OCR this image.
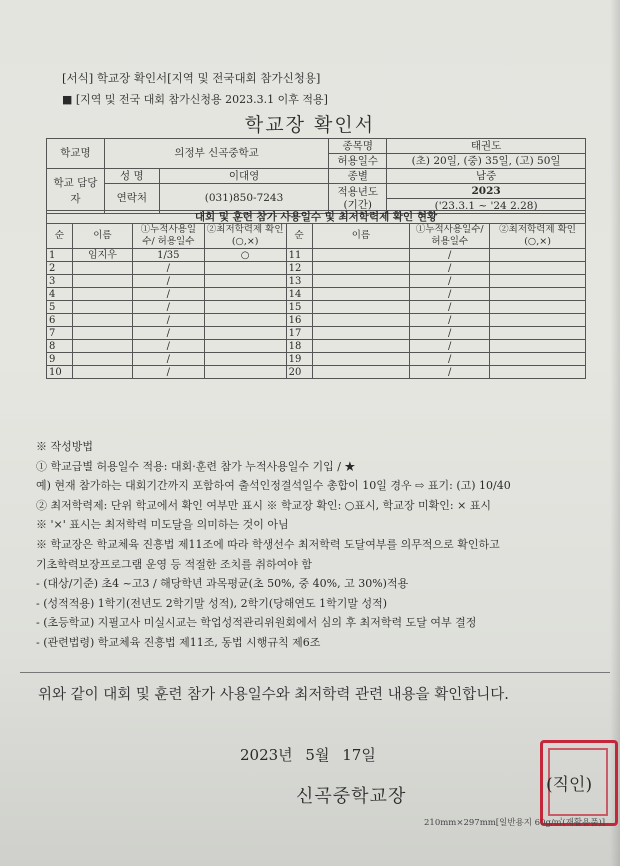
[서식] 학교장 확인서[지역 및 전국대회 참가신청용]
■ [지역 및 전국 대회 참가신청용 2023.3.1 이후 적용]
학교장 확인서
학교명	의정부 신곡중학교		종목명	태권도
			허용일수	(초) 20일, (중) 35일, (고) 50일
학교 담당자	성 명	이대영	종별	남중
	연락처	(031)850-7243	적용년도 (기간)	2023
				('23.3.1 ~ '24 2.28)
대회 및 훈련 참가 사용일수 및 최저학력제 확인 현황							
순	이름	①누적사용일수/ 허용일수	②최저학력제 확인(○,×)	순	이름	①누적사용일수/ 허용일수	②최저학력제 확인(○,×)
1	임지우	1/35	○	11		/	
2		/		12		/	
3		/		13		/	
4		/		14		/	
5		/		15		/	
6		/		16		/	
7		/		17		/	
8		/		18		/	
9		/		19		/	
10		/		20		/	
※ 작성방법
① 학교급별 허용일수 적용: 대회·훈련 참가 누적사용일수 기입 / ★
예) 현재 참가하는 대회기간까지 포함하여 출석인정결석일수 총합이 10일 경우 ⇨ 표기: (고) 10/40
② 최저학력제: 단위 학교에서 확인 여부만 표시 ※ 학교장 확인: ○표시, 학교장 미확인: × 표시
※ '×' 표시는 최저학력 미도달을 의미하는 것이 아님
※ 학교장은 학교체육 진흥법 제11조에 따라 학생선수 최저학력 도달여부를 의무적으로 확인하고
기초학력보장프로그램 운영 등 적절한 조치를 취하여야 함
- (대상/기준) 초4 ~고3 / 해당학년 과목평균(초 50%, 중 40%, 고 30%)적용
- (성적적용) 1학기(전년도 2학기말 성적), 2학기(당해연도 1학기말 성적)
- (초등학교) 지필고사 미실시교는 학업성적관리위원회에서 심의 후 최저학력 도달 여부 결정
- (관련법령) 학교체육 진흥법 제11조, 동법 시행규칙 제6조
위와 같이 대회 및 훈련 참가 사용일수와 최저학력 관련 내용을 확인합니다.
2023년 5월 17일
신곡중학교장
(직인)
210mm×297mm[일반용지 60g/㎡(재활용품)]
